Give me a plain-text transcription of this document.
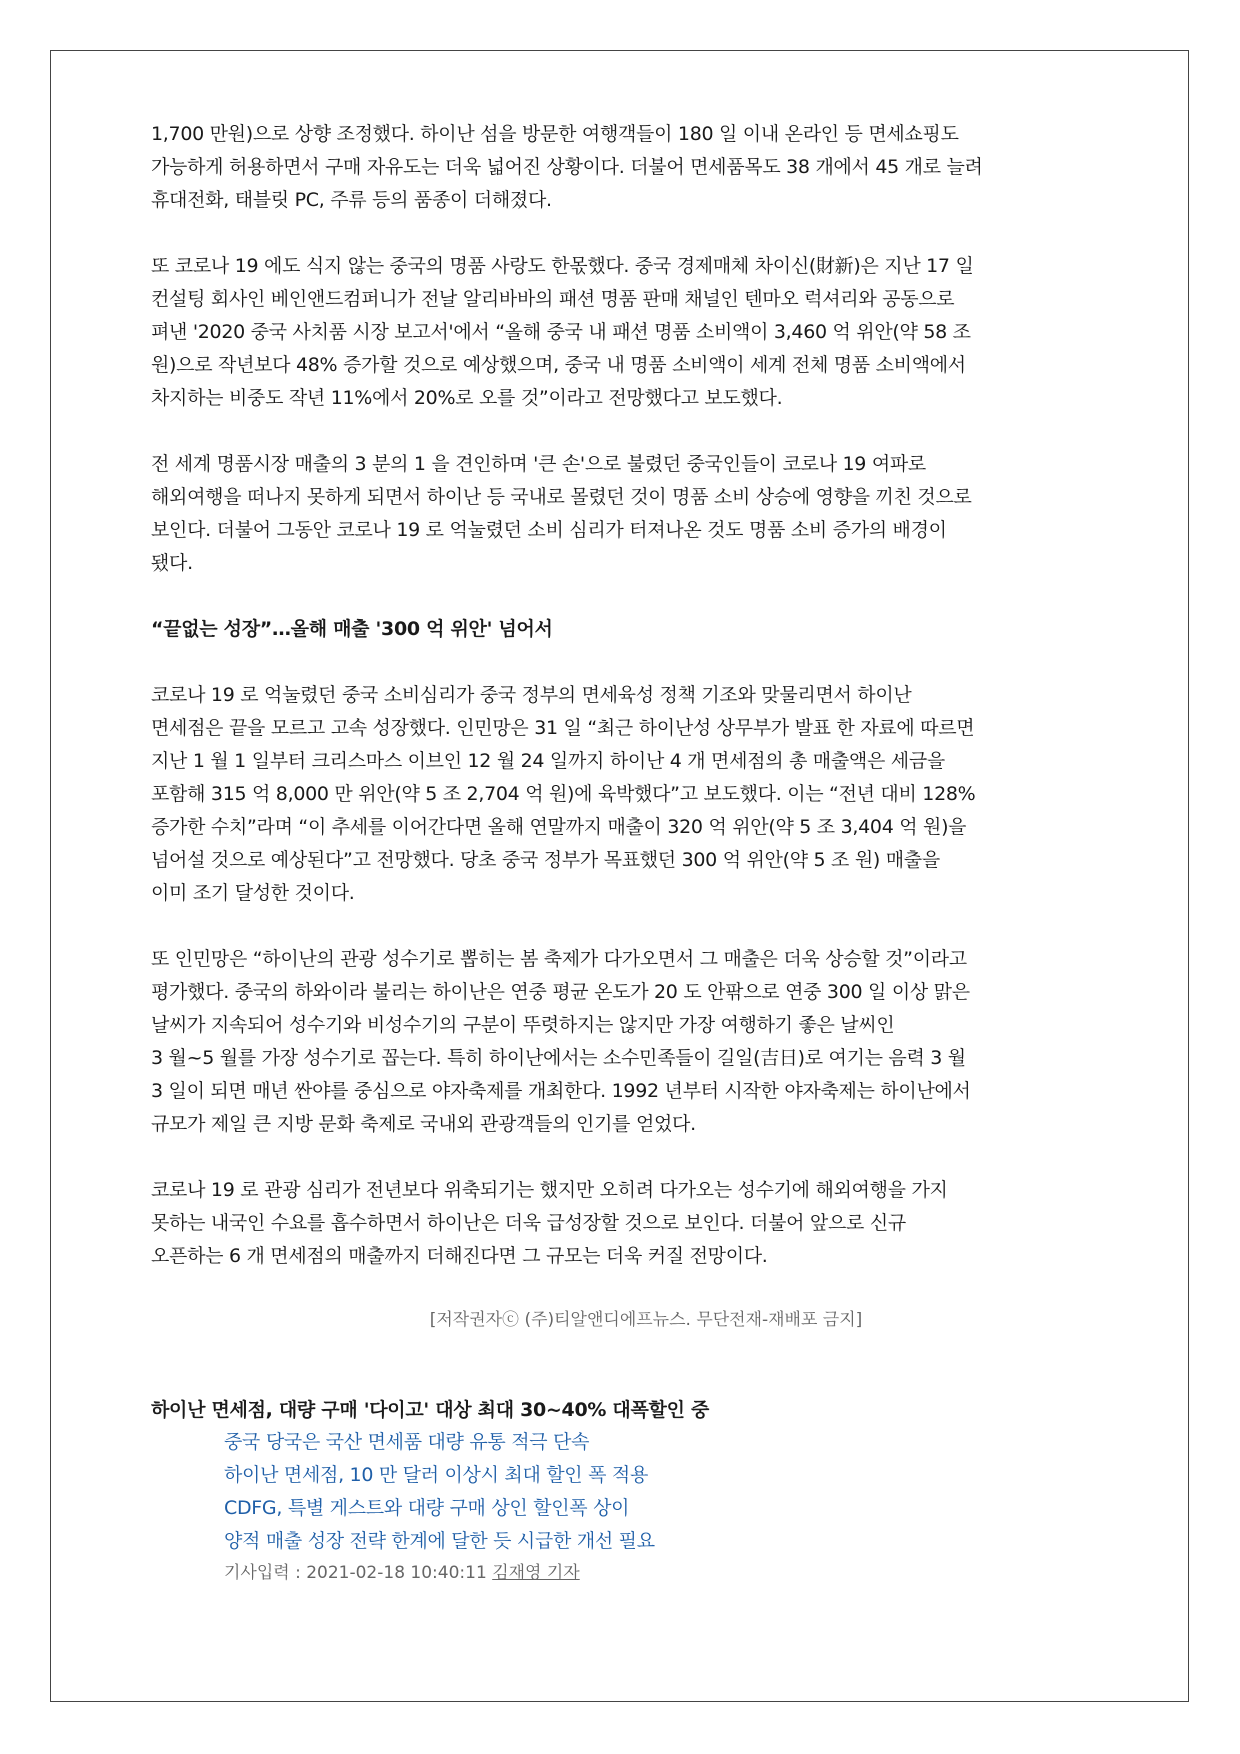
1,700 만원)으로 상향 조정했다. 하이난 섬을 방문한 여행객들이 180 일 이내 온라인 등 면세쇼핑도
가능하게 허용하면서 구매 자유도는 더욱 넓어진 상황이다. 더불어 면세품목도 38 개에서 45 개로 늘려
휴대전화, 태블릿 PC, 주류 등의 품종이 더해졌다.
또 코로나 19 에도 식지 않는 중국의 명품 사랑도 한몫했다. 중국 경제매체 차이신(財新)은 지난 17 일
컨설팅 회사인 베인앤드컴퍼니가 전날 알리바바의 패션 명품 판매 채널인 텐마오 럭셔리와 공동으로
펴낸 '2020 중국 사치품 시장 보고서'에서 “올해 중국 내 패션 명품 소비액이 3,460 억 위안(약 58 조
원)으로 작년보다 48% 증가할 것으로 예상했으며, 중국 내 명품 소비액이 세계 전체 명품 소비액에서
차지하는 비중도 작년 11%에서 20%로 오를 것”이라고 전망했다고 보도했다.
전 세계 명품시장 매출의 3 분의 1 을 견인하며 '큰 손'으로 불렸던 중국인들이 코로나 19 여파로
해외여행을 떠나지 못하게 되면서 하이난 등 국내로 몰렸던 것이 명품 소비 상승에 영향을 끼친 것으로
보인다. 더불어 그동안 코로나 19 로 억눌렸던 소비 심리가 터져나온 것도 명품 소비 증가의 배경이
됐다.
“끝없는 성장”…올해 매출 '300 억 위안' 넘어서
코로나 19 로 억눌렸던 중국 소비심리가 중국 정부의 면세육성 정책 기조와 맞물리면서 하이난
면세점은 끝을 모르고 고속 성장했다. 인민망은 31 일 “최근 하이난성 상무부가 발표 한 자료에 따르면
지난 1 월 1 일부터 크리스마스 이브인 12 월 24 일까지 하이난 4 개 면세점의 총 매출액은 세금을
포함해 315 억 8,000 만 위안(약 5 조 2,704 억 원)에 육박했다”고 보도했다. 이는 “전년 대비 128%
증가한 수치”라며 “이 추세를 이어간다면 올해 연말까지 매출이 320 억 위안(약 5 조 3,404 억 원)을
넘어설 것으로 예상된다”고 전망했다. 당초 중국 정부가 목표했던 300 억 위안(약 5 조 원) 매출을
이미 조기 달성한 것이다.
또 인민망은 “하이난의 관광 성수기로 뽑히는 봄 축제가 다가오면서 그 매출은 더욱 상승할 것”이라고
평가했다. 중국의 하와이라 불리는 하이난은 연중 평균 온도가 20 도 안팎으로 연중 300 일 이상 맑은
날씨가 지속되어 성수기와 비성수기의 구분이 뚜렷하지는 않지만 가장 여행하기 좋은 날씨인
3 월~5 월를 가장 성수기로 꼽는다. 특히 하이난에서는 소수민족들이 길일(吉日)로 여기는 음력 3 월
3 일이 되면 매년 싼야를 중심으로 야자축제를 개최한다. 1992 년부터 시작한 야자축제는 하이난에서
규모가 제일 큰 지방 문화 축제로 국내외 관광객들의 인기를 얻었다.
코로나 19 로 관광 심리가 전년보다 위축되기는 했지만 오히려 다가오는 성수기에 해외여행을 가지
못하는 내국인 수요를 흡수하면서 하이난은 더욱 급성장할 것으로 보인다. 더불어 앞으로 신규
오픈하는 6 개 면세점의 매출까지 더해진다면 그 규모는 더욱 커질 전망이다.
[저작권자ⓒ (주)티알앤디에프뉴스. 무단전재-재배포 금지]
하이난 면세점, 대량 구매 '다이고' 대상 최대 30~40% 대폭할인 중
중국 당국은 국산 면세품 대량 유통 적극 단속
하이난 면세점, 10 만 달러 이상시 최대 할인 폭 적용
CDFG, 특별 게스트와 대량 구매 상인 할인폭 상이
양적 매출 성장 전략 한계에 달한 듯 시급한 개선 필요
기사입력 : 2021-02-18 10:40:11 김재영 기자
